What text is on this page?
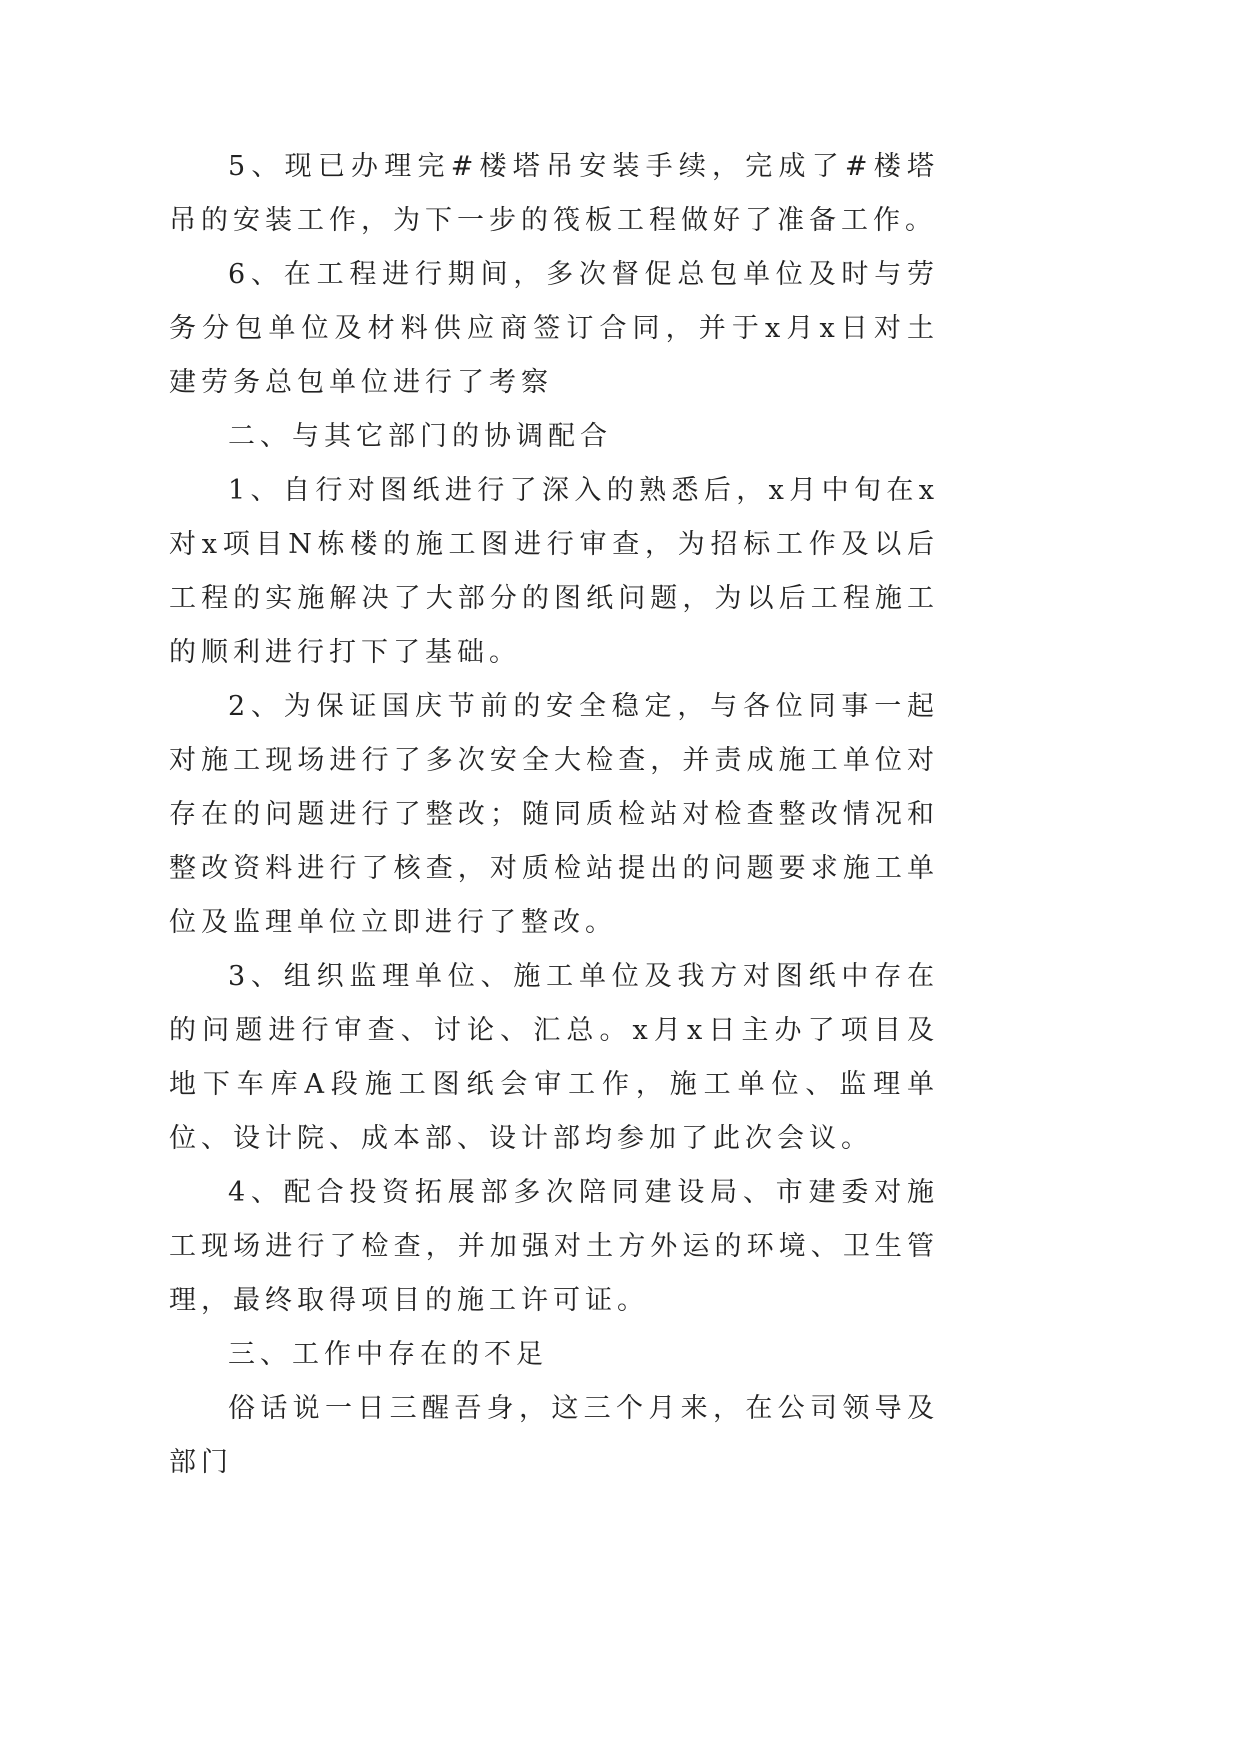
5、现已办理完#楼塔吊安装手续，完成了#楼塔吊的安装工作，为下一步的筏板工程做好了准备工作。

6、在工程进行期间，多次督促总包单位及时与劳务分包单位及材料供应商签订合同，并于x月x日对土建劳务总包单位进行了考察

二、与其它部门的协调配合

1、自行对图纸进行了深入的熟悉后，x月中旬在x对x项目N栋楼的施工图进行审查，为招标工作及以后工程的实施解决了大部分的图纸问题，为以后工程施工的顺利进行打下了基础。

2、为保证国庆节前的安全稳定，与各位同事一起对施工现场进行了多次安全大检查，并责成施工单位对存在的问题进行了整改；随同质检站对检查整改情况和整改资料进行了核查，对质检站提出的问题要求施工单位及监理单位立即进行了整改。

3、组织监理单位、施工单位及我方对图纸中存在的问题进行审查、讨论、汇总。x月x日主办了项目及地下车库A段施工图纸会审工作，施工单位、监理单位、设计院、成本部、设计部均参加了此次会议。

4、配合投资拓展部多次陪同建设局、市建委对施工现场进行了检查，并加强对土方外运的环境、卫生管理，最终取得项目的施工许可证。

三、工作中存在的不足

俗话说一日三醒吾身，这三个月来，在公司领导及部门
